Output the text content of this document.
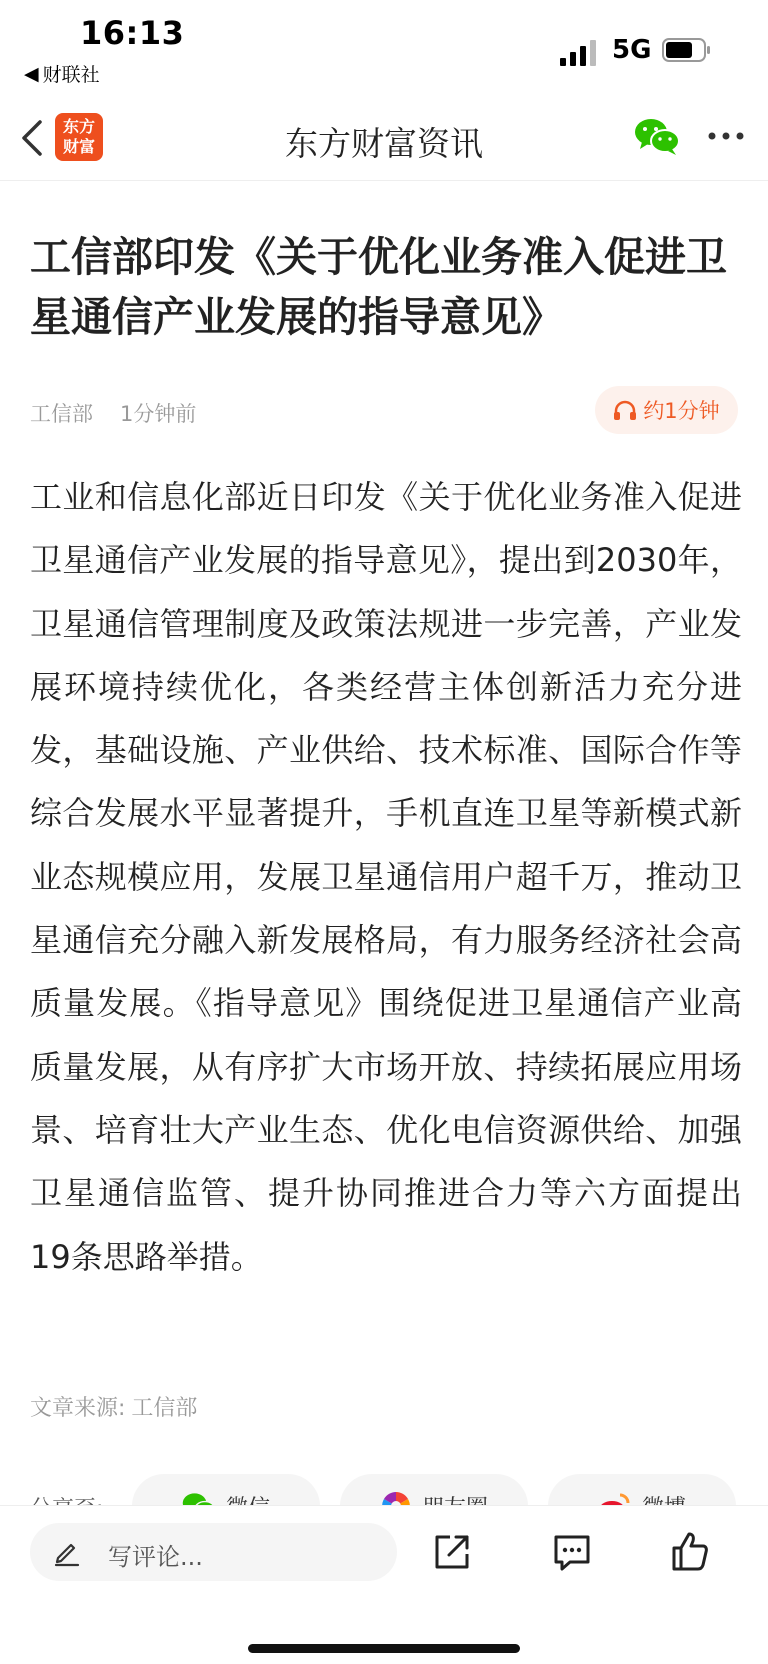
16:13
◀ 财联社
5G
东方
财富	东方财富资讯
工信部印发《关于优化业务准入促进卫星通信产业发展的指导意见》
工信部 1分钟前	约1分钟
工业和信息化部近日印发《关于优化业务准入促进卫星通信产业发展的指导意见》，提出到2030年，卫星通信管理制度及政策法规进一步完善，产业发展环境持续优化，各类经营主体创新活力充分进发，基础设施、产业供给、技术标准、国际合作等综合发展水平显著提升，手机直连卫星等新模式新业态规模应用，发展卫星通信用户超千万，推动卫星通信充分融入新发展格局，有力服务经济社会高质量发展。《指导意见》围绕促进卫星通信产业高质量发展，从有序扩大市场开放、持续拓展应用场景、培育壮大产业生态、优化电信资源供给、加强卫星通信监管、提升协同推进合力等六方面提出19条思路举措。
文章来源: 工信部
写评论...
